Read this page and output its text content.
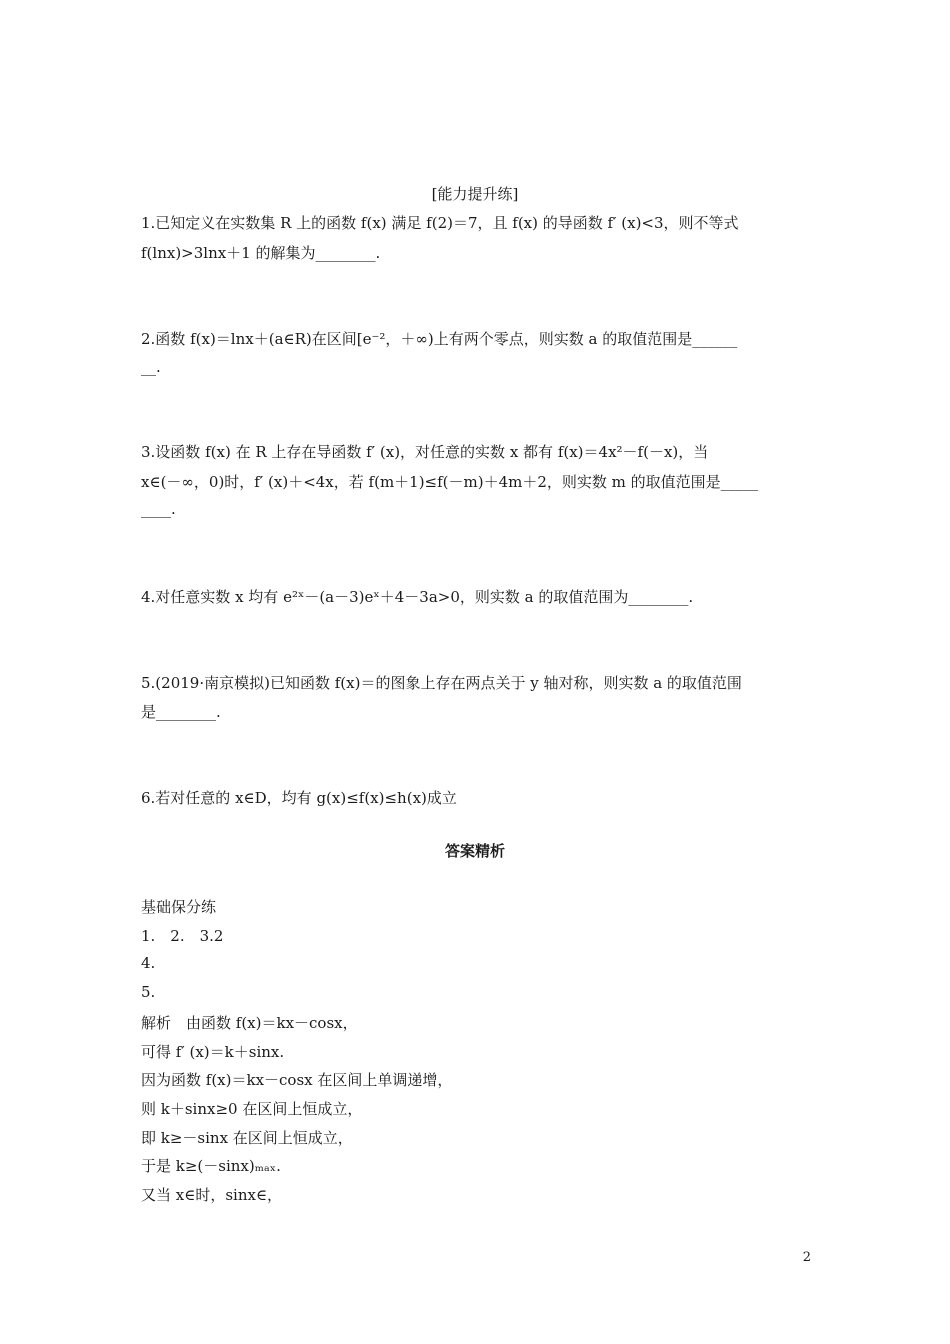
[能力提升练]
1.已知定义在实数集 R 上的函数 f(x) 满足 f(2)＝7，且 f(x) 的导函数 f′ (x)<3，则不等式
f(lnx)>3lnx＋1 的解集为________.
2.函数 f(x)＝lnx＋(a∈R)在区间[e⁻²，＋∞)上有两个零点，则实数 a 的取值范围是______
__.
3.设函数 f(x) 在 R 上存在导函数 f′ (x)，对任意的实数 x 都有 f(x)＝4x²－f(－x)，当
x∈(－∞，0)时，f′ (x)＋<4x，若 f(m＋1)≤f(－m)＋4m＋2，则实数 m 的取值范围是_____
____.
4.对任意实数 x 均有 e²ˣ－(a－3)eˣ＋4－3a>0，则实数 a 的取值范围为________.
5.(2019·南京模拟)已知函数 f(x)＝的图象上存在两点关于 y 轴对称，则实数 a 的取值范围
是________.
6.若对任意的 x∈D，均有 g(x)≤f(x)≤h(x)成立
答案精析
基础保分练
1.　2.　3.2
4.
5.
解析　由函数 f(x)＝kx－cosx，
可得 f′ (x)＝k＋sinx.
因为函数 f(x)＝kx－cosx 在区间上单调递增，
则 k＋sinx≥0 在区间上恒成立，
即 k≥－sinx 在区间上恒成立，
于是 k≥(－sinx)ₘₐₓ.
又当 x∈时，sinx∈，
2
